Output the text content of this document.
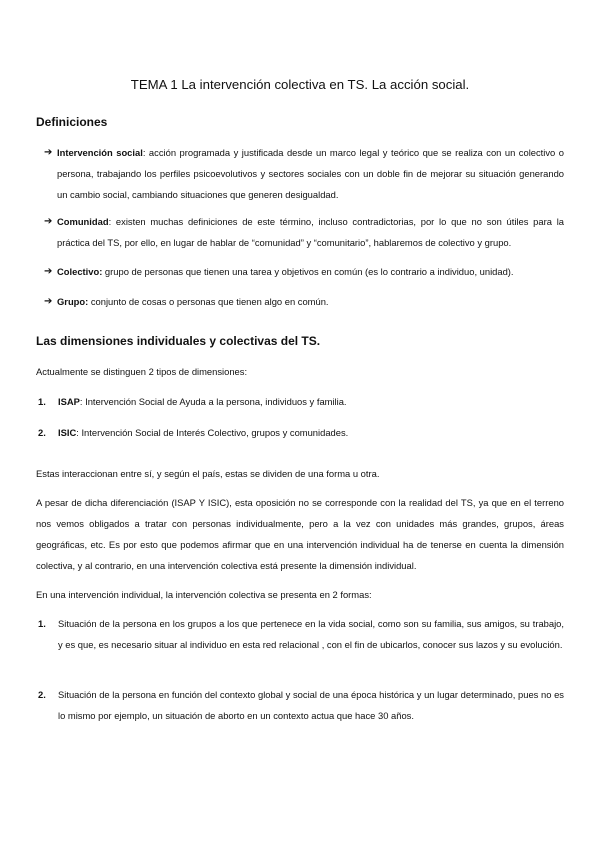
TEMA 1 La intervención colectiva en TS. La acción social.
Definiciones
➔ Intervención social: acción programada y justificada desde un marco legal y teórico que se realiza con un colectivo o persona, trabajando los perfiles psicoevolutivos y sectores sociales con un doble fin de mejorar su situación generando un cambio social, cambiando situaciones que generen desigualdad.
➔ Comunidad: existen muchas definiciones de este término, incluso contradictorias, por lo que no son útiles para la práctica del TS, por ello, en lugar de hablar de “comunidad” y “comunitario”, hablaremos de colectivo y grupo.
➔ Colectivo: grupo de personas que tienen una tarea y objetivos en común (es lo contrario a individuo, unidad).
➔ Grupo: conjunto de cosas o personas que tienen algo en común.
Las dimensiones individuales y colectivas del TS.
Actualmente se distinguen 2 tipos de dimensiones:
1. ISAP: Intervención Social de Ayuda a la persona, individuos y familia.
2. ISIC: Intervención Social de Interés Colectivo, grupos y comunidades.
Estas interaccionan entre sí, y según el país, estas se dividen de una forma u otra.
A pesar de dicha diferenciación (ISAP Y ISIC), esta oposición no se corresponde con la realidad del TS, ya que en el terreno nos vemos obligados a tratar con personas individualmente, pero a la vez con unidades más grandes, grupos, áreas geográficas, etc. Es por esto que podemos afirmar que en una intervención individual ha de tenerse en cuenta la dimensión colectiva, y al contrario, en una intervención colectiva está presente la dimensión individual.
En una intervención individual, la intervención colectiva se presenta en 2 formas:
1. Situación de la persona en los grupos a los que pertenece en la vida social, como son su familia, sus amigos, su trabajo, y es que, es necesario situar al individuo en esta red relacional , con el fin de ubicarlos, conocer sus lazos y su evolución.
2. Situación de la persona en función del contexto global y social de una época histórica y un lugar determinado, pues no es lo mismo por ejemplo, un situación de aborto en un contexto actua que hace 30 años.
